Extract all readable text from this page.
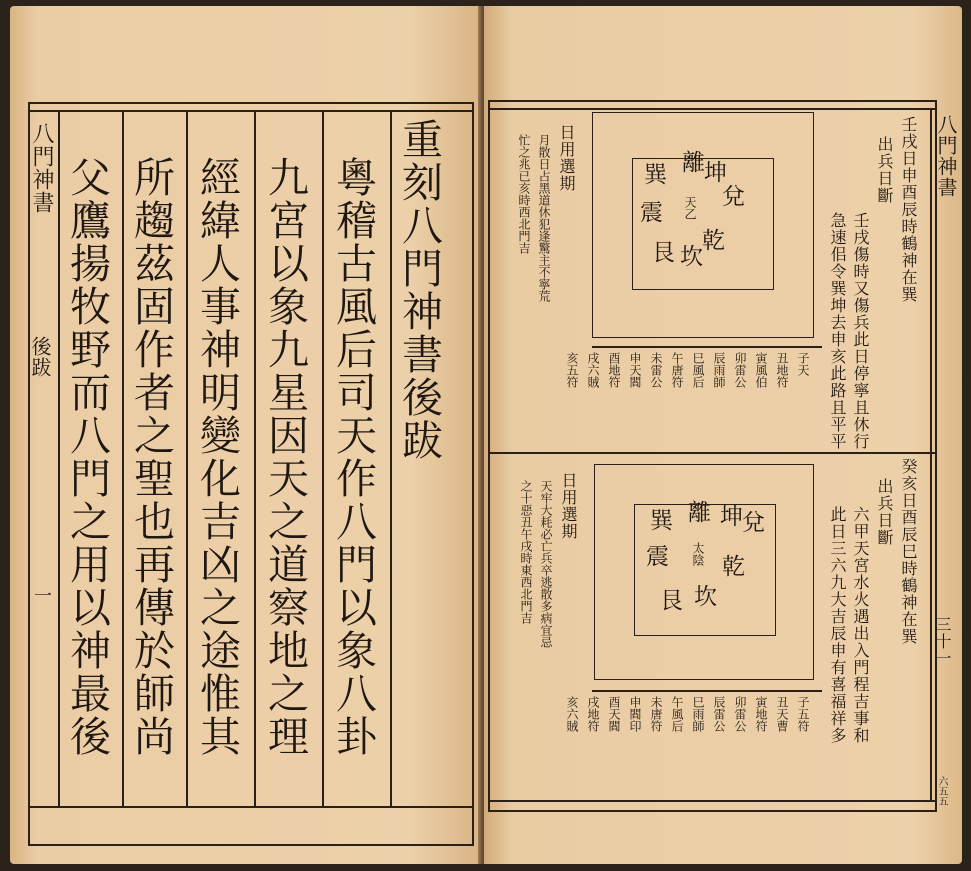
八門神書
後跋
一
重刻八門神書後跋
粵稽古風后司天作八門以象八卦
九宮以象九星因天之道察地之理
經緯人事神明變化吉凶之途惟其
所趨茲固作者之聖也再傳於師尚
父鷹揚牧野而八門之用以神最後	八門神書
三十一
六五五
壬戌日申酉辰時鶴神在巽
出兵日斷
壬戌傷時又傷兵此日停寧且休行
急速佀令巽坤去申亥此路且平平
乾
兌
坎
艮
震
巽 離 坤
天乙
日用選期
月散日占黑道休犯逢驚主不寧荒
忙之兆已亥時西北門吉
子天
丑地符
寅風伯
卯雷公
辰雨師
巳風后
午唐符
未雷公
申天閻
酉地符
戌六賊
亥五符
癸亥日酉辰巳時鶴神在巽
出兵日斷
六甲天宮水火遇出入門程吉事和
此日三六九大吉辰申有喜福祥多
乾
兌
坎
艮
震
巽 離 坤
太陰
日用選期
天牢大耗必亡兵卒逃散多病宜忌
之十惡丑午戌時東西北門吉
子五符
丑天曹
寅地符
卯雷公
辰雷公
巳雨師
午風后
未唐符
申閻印
酉天閻
戌地符
亥六賊
